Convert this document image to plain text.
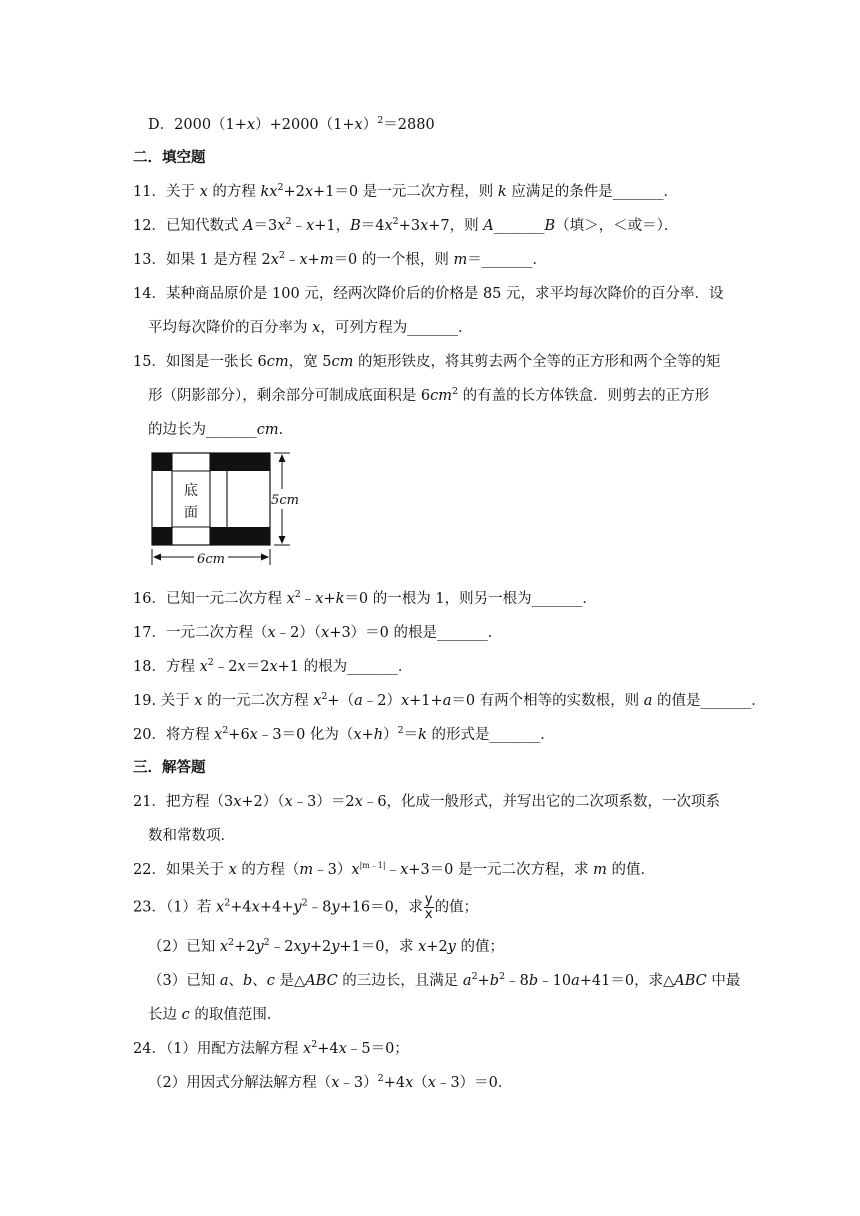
D．$2000(1+x)+2000(1+x)^2=2880$
二．填空题
11．关于 x 的方程 $kx^2+2x+1=0$ 是一元二次方程，则 k 应满足的条件是_______．
12．已知代数式 $A=3x^2﹣x+1$，$B=4x^2+3x+7$，则 A_______B（填＞，＜或＝）．
13．如果 1 是方程 $2x^2﹣x+m=0$ 的一个根，则 m＝_______．
14．某种商品原价是 100 元，经两次降价后的价格是 85 元，求平均每次降价的百分率．设
平均每次降价的百分率为 x，可列方程为_______．
15．如图是一张长 6cm，宽 5cm 的矩形铁皮，将其剪去两个全等的正方形和两个全等的矩
形（阴影部分），剩余部分可制成底面积是 $6cm^2$ 的有盖的长方体铁盒．则剪去的正方形
的边长为_______cm．
底
面
5cm
6cm
16．已知一元二次方程 $x^2﹣x+k=0$ 的一根为 1，则另一根为_______．
17．一元二次方程（x﹣2）（x+3）＝0 的根是_______．
18．方程 $x^2﹣2x=2x+1$ 的根为_______．
19. 关于 x 的一元二次方程 $x^2+(a﹣2)x+1+a=0$ 有两个相等的实数根，则 a 的值是_______．
20．将方程 $x^2+6x﹣3=0$ 化为$(x+h)^2=k$ 的形式是_______．
三．解答题
21．把方程（3x+2）（x﹣3）＝2x﹣6，化成一般形式，并写出它的二次项系数，一次项系
数和常数项．
22．如果关于 x 的方程$(m﹣3)x^{|m﹣1|}﹣x+3=0$ 是一元二次方程，求 m 的值．
23．（1）若 $x^2+4x+4+y^2﹣8y+16=0$，求 $\frac{y}{x}$ 的值；
（2）已知 $x^2+2y^2﹣2xy+2y+1=0$，求 x+2y 的值；
（3）已知 a、b、c 是△ABC 的三边长，且满足 $a^2+b^2﹣8b﹣10a+41=0$，求△ABC 中最
长边 c 的取值范围．
24．（1）用配方法解方程 $x^2+4x﹣5=0$；
（2）用因式分解法解方程（x﹣3）$^2$+4x（x﹣3）＝0．
